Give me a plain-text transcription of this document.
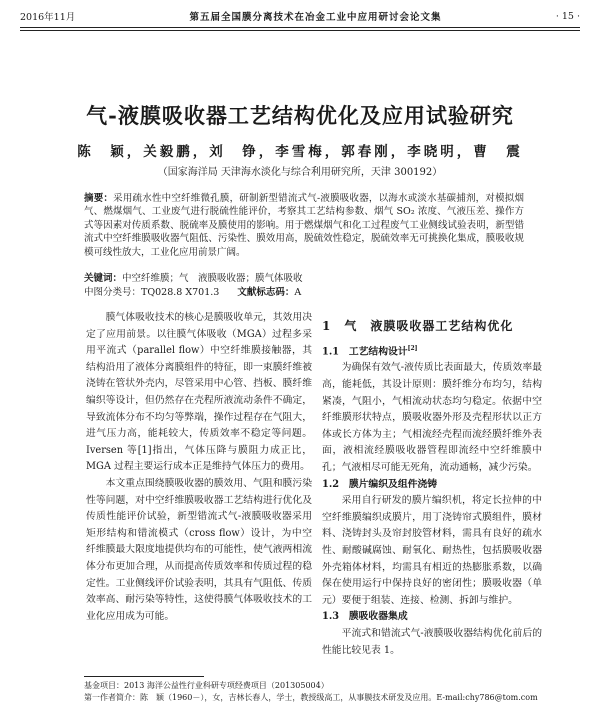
2016年11月	第五届全国膜分离技术在冶金工业中应用研讨会论文集	· 15 ·
气-液膜吸收器工艺结构优化及应用试验研究
陈　颖，关毅鹏，刘　铮，李雪梅，郭春刚，李晓明，曹　震
（国家海洋局 天津海水淡化与综合利用研究所，天津 300192）
摘要：采用疏水性中空纤维微孔膜，研制新型错流式气-液膜吸收器，以海水或淡水基碳捕剂，对模拟烟气、燃煤烟气、工业废气进行脱硫性能评价，考察其工艺结构参数、烟气 SO₂ 浓度、气液压差、操作方式等因素对传质系数、脱硫率及膜使用的影响。用于燃煤烟气和化工过程废气工业侧线试验表明，新型错流式中空纤维膜吸收器气阻低、污染性、膜效用高，脱硫效性稳定，脱硫效率无可挑换化集成，膜吸收规模可线性放大，工业化应用前景广阔。
关键词：中空纤维膜；气　液膜吸收器；膜气体吸收
中图分类号：TQ028.8 X701.3 文献标志码：A

膜气体吸收技术的核心是膜吸收单元，其效用决定了应用前景。以往膜气体吸收（MGA）过程多采用平流式（parallel flow）中空纤维膜接触器，其结构沿用了液体分离膜组件的特征，即一束膜纤维被浇铸在管状外壳内，尽管采用中心管、挡板、膜纤维编织等设计，但仍然存在壳程所液流动条件不确定，导致流体分布不均匀等弊端，操作过程存在气阻大，进气压力高，能耗较大，传质效率不稳定等问题。Iversen 等[1]指出，气体压降与膜阻力成正比，MGA 过程主要运行成本正是维持气体压力的费用。

本文重点围绕膜吸收器的膜效用、气阻和膜污染性等问题，对中空纤维膜吸收器工艺结构进行优化及传质性能评价试验，新型错流式气-液膜吸收器采用矩形结构和错流模式（cross flow）设计，为中空纤维膜最大限度地提供均布的可能性，使气液两相流体分布更加合理，从而提高传质效率和传质过程的稳定性。工业侧线评价试验表明，其具有气阻低、传质效率高、耐污染等特性，这使得膜气体吸收技术的工业化应用成为可能。

1　气　液膜吸收器工艺结构优化
1.1　工艺结构设计[2]

为确保有效气-液传质比表面最大，传质效率最高，能耗低，其设计原则：膜纤维分布均匀，结构紧凑，气阻小，气相流动状态均匀稳定。依据中空纤维膜形状特点，膜吸收器外形及壳程形状以正方体或长方体为主；气相流经壳程而流经膜纤维外表面，液相流经膜吸收器管程即流经中空纤维膜中孔；气液相尽可能无死角，流动通畅，减少污染。

1.2　膜片编织及组件浇铸

采用自行研发的膜片编织机，将定长拉伸的中空纤维膜编织成膜片，用丁浇铸帘式膜组件，膜材料、浇铸封头及帘封胶管材料，需具有良好的疏水性、耐酸碱腐蚀、耐氧化、耐热性，包括膜吸收器外壳箱体材料，均需具有相近的热膨胀系数，以确保在使用运行中保持良好的密闭性；膜吸收器（单元）要便于组装、连接、检测、拆卸与维护。

1.3　膜吸收器集成

平流式和错流式气-液膜吸收器结构优化前后的性能比较见表 1。

基金项目：2013 海洋公益性行业科研专项经费项目（201305004）
第一作者简介：陈　颖（1960－），女，吉林长春人，学士，教授级高工，从事膜技术研发及应用。E-mail:chy786@tom.com
